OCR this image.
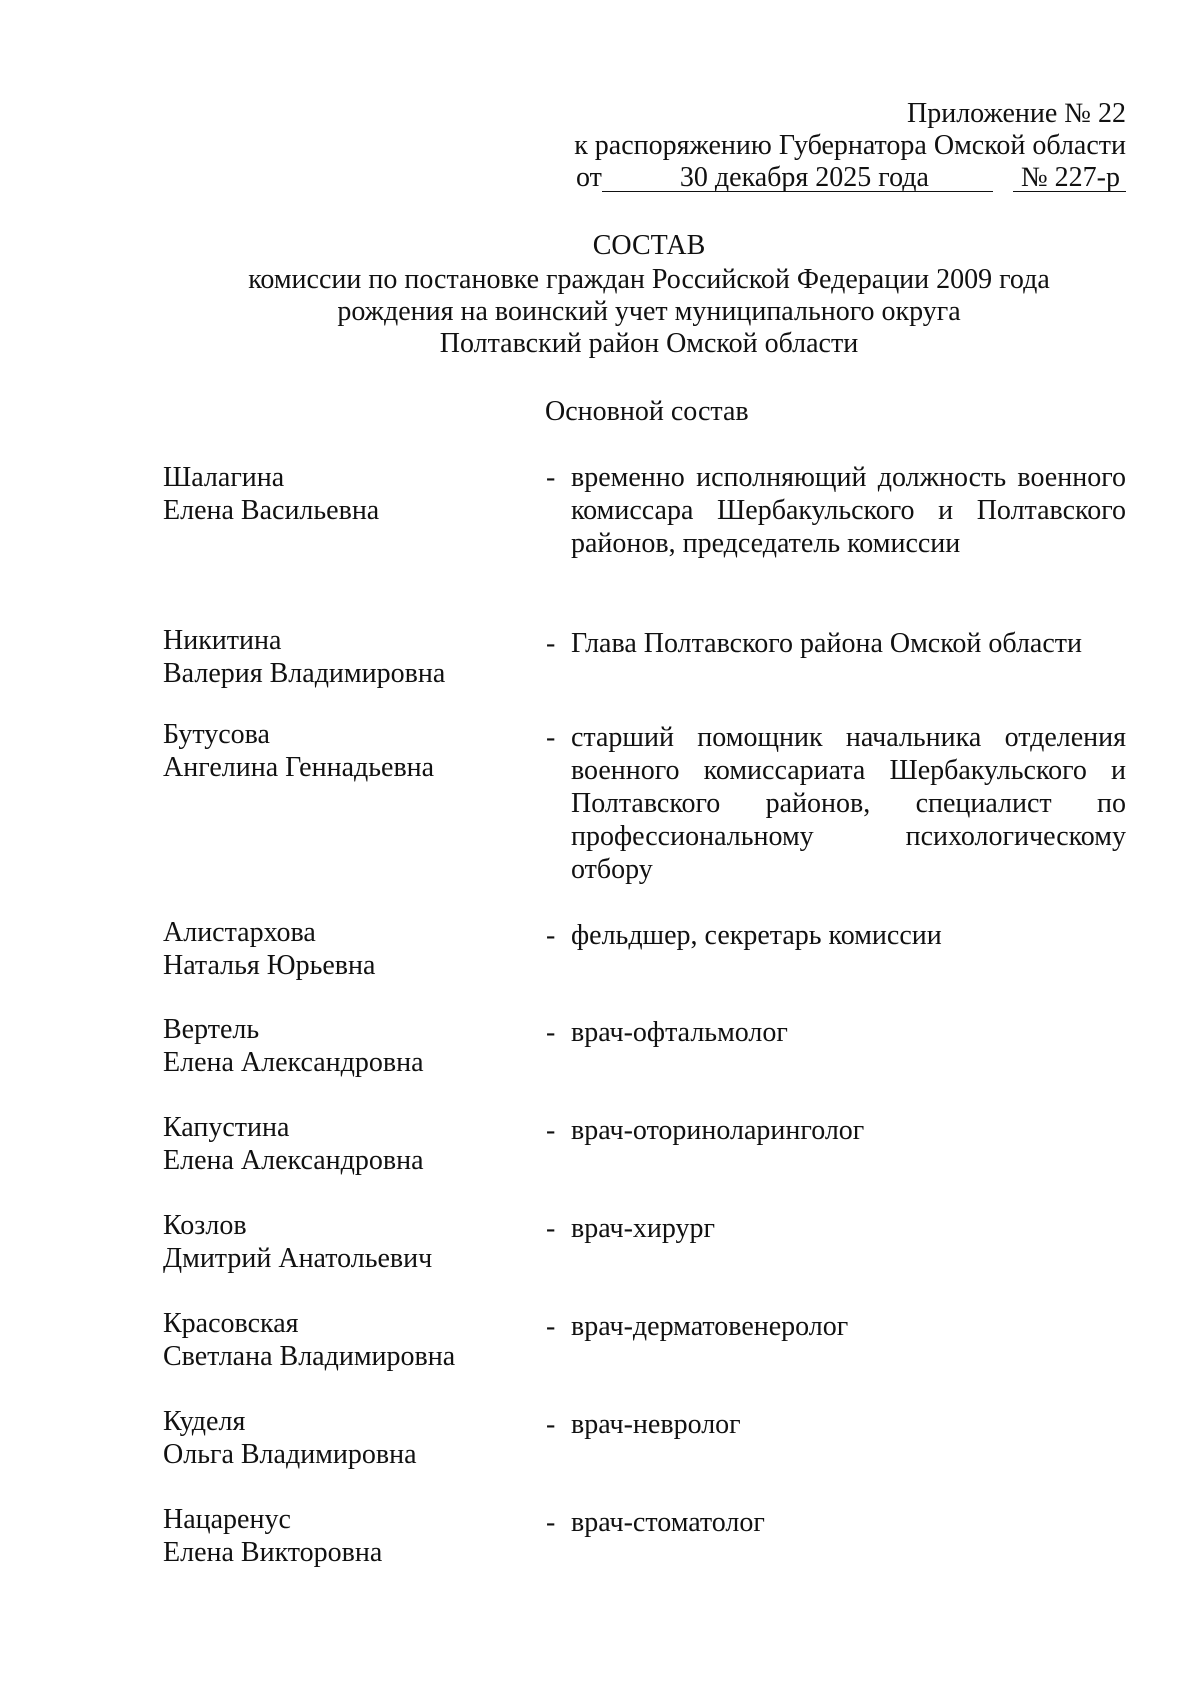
Приложение № 22
к распоряжению Губернатора Омской области
от	30 декабря 2025 года	№ 227-р
СОСТАВ
комиссии по постановке граждан Российской Федерации 2009 года
рождения на воинский учет муниципального округа
Полтавский район Омской области
Основной состав
Шалагина
Елена Васильевна
- временно исполняющий должность военного комиссара Шербакульского и Полтавского районов, председатель комиссии
Никитина
Валерия Владимировна
- Глава Полтавского района Омской области
Бутусова
Ангелина Геннадьевна
- старший помощник начальника отделения военного комиссариата Шербакульского и Полтавского районов, специалист по профессиональному психологическому отбору
Алистархова
Наталья Юрьевна
- фельдшер, секретарь комиссии
Вертель
Елена Александровна
- врач-офтальмолог
Капустина
Елена Александровна
- врач-оториноларинголог
Козлов
Дмитрий Анатольевич
- врач-хирург
Красовская
Светлана Владимировна
- врач-дерматовенеролог
Куделя
Ольга Владимировна
- врач-невролог
Нацаренус
Елена Викторовна
- врач-стоматолог
